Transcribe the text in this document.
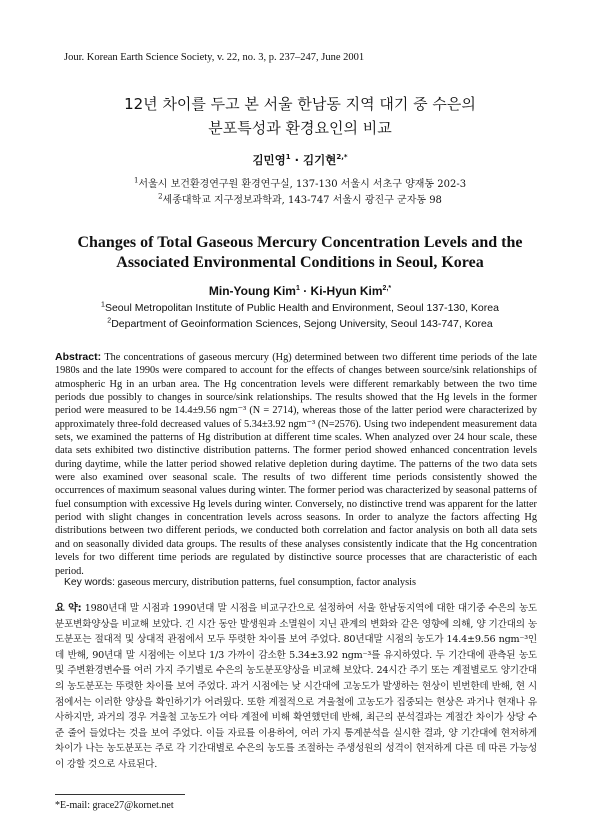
Jour. Korean Earth Science Society, v. 22, no. 3, p. 237–247, June 2001
12년 차이를 두고 본 서울 한남동 지역 대기 중 수은의
분포특성과 환경요인의 비교
김민영$^1$ · 김기현$^{2,*}$
$^1$서울시 보건환경연구원 환경연구실, 137-130 서울시 서초구 양재동 202-3
$^2$세종대학교 지구정보과학과, 143-747 서울시 광진구 군자동 98
Changes of Total Gaseous Mercury Concentration Levels and the
Associated Environmental Conditions in Seoul, Korea
Min-Young Kim$^1$ · Ki-Hyun Kim$^{2,*}$
$^1$Seoul Metropolitan Institute of Public Health and Environment, Seoul 137-130, Korea
$^2$Department of Geoinformation Sciences, Sejong University, Seoul 143-747, Korea
Abstract: The concentrations of gaseous mercury (Hg) determined between two different time periods of the late 1980s and the late 1990s were compared to account for the effects of changes between source/sink relationships of atmospheric Hg in an urban area. The Hg concentration levels were different remarkably between the two time periods due possibly to changes in source/sink relationships. The results showed that the Hg levels in the former period were measured to be 14.4±9.56 ngm⁻³ (N = 2714), whereas those of the latter period were characterized by approximately three-fold decreased values of 5.34±3.92 ngm⁻³ (N=2576). Using two independent measurement data sets, we examined the patterns of Hg distribution at different time scales. When analyzed over 24 hour scale, these data sets exhibited two distinctive distribution patterns. The former period showed enhanced concentration levels during daytime, while the latter period showed relative depletion during daytime. The patterns of the two data sets were also examined over seasonal scale. The results of two different time periods consistently showed the occurrences of maximum seasonal values during winter. The former period was characterized by seasonal patterns of fuel consumption with excessive Hg levels during winter. Conversely, no distinctive trend was apparent for the latter period with slight changes in concentration levels across seasons. In order to analyze the factors affecting Hg distributions between two different periods, we conducted both correlation and factor analysis on both all data sets and on seasonally divided data groups. The results of these analyses consistently indicate that the Hg concentration levels for two different time periods are regulated by distinctive source processes that are characteristic of each period.
Key words: gaseous mercury, distribution patterns, fuel consumption, factor analysis
요 약: 1980년대 말 시점과 1990년대 말 시점을 비교구간으로 설정하여 서울 한남동지역에 대한 대기중 수은의 농도 분포변화양상을 비교해 보았다. 긴 시간 동안 발생원과 소멸원이 지닌 관계의 변화와 같은 영향에 의해, 양 기간대의 농도분포는 절대적 및 상대적 관점에서 모두 뚜렷한 차이를 보여 주었다. 80년대말 시점의 농도가 14.4±9.56 ngm⁻³인데 반해, 90년대 말 시점에는 이보다 1/3 가까이 감소한 5.34±3.92 ngm⁻³를 유지하였다. 두 기간대에 관측된 농도 및 주변환경변수를 여러 가지 주기별로 수은의 농도분포양상을 비교해 보았다. 24시간 주기 또는 계절별로도 양기간대의 농도분포는 뚜렷한 차이를 보여 주었다. 과거 시점에는 낮 시간대에 고농도가 발생하는 현상이 빈번한데 반해, 현 시점에서는 이러한 양상을 확인하기가 어려웠다. 또한 계절적으로 겨울철에 고농도가 집중되는 현상은 과거나 현재나 유사하지만, 과거의 경우 겨울철 고농도가 여타 계절에 비해 확연했던데 반해, 최근의 분석결과는 계절간 차이가 상당 수준 줄어 들었다는 것을 보여 주었다. 이들 자료를 이용하여, 여러 가지 통계분석을 실시한 결과, 양 기간대에 현저하게 차이가 나는 농도분포는 주로 각 기간대별로 수은의 농도를 조절하는 주생성원의 성격이 현저하게 다른 데 따른 가능성이 강할 것으로 사료된다.
*E-mail: grace27@kornet.net
